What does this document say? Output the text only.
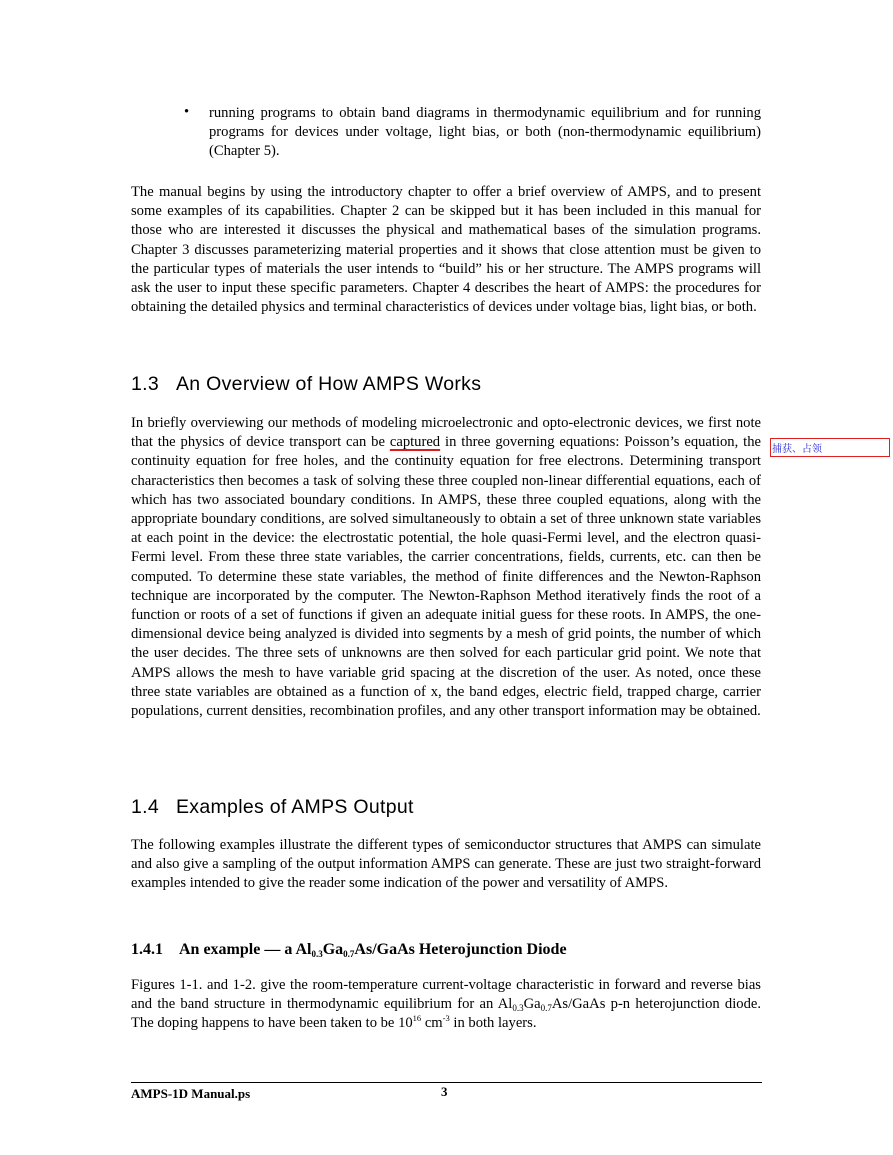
• running programs to obtain band diagrams in thermodynamic equilibrium and for running programs for devices under voltage, light bias, or both (non-thermodynamic equilibrium) (Chapter 5).
The manual begins by using the introductory chapter to offer a brief overview of AMPS, and to present some examples of its capabilities. Chapter 2 can be skipped but it has been included in this manual for those who are interested it discusses the physical and mathematical bases of the simulation programs. Chapter 3 discusses parameterizing material properties and it shows that close attention must be given to the particular types of materials the user intends to “build” his or her structure. The AMPS programs will ask the user to input these specific parameters. Chapter 4 describes the heart of AMPS: the procedures for obtaining the detailed physics and terminal characteristics of devices under voltage bias, light bias, or both.
1.3 An Overview of How AMPS Works
In briefly overviewing our methods of modeling microelectronic and opto-electronic devices, we first note that the physics of device transport can be captured in three governing equations: Poisson’s equation, the continuity equation for free holes, and the continuity equation for free electrons. Determining transport characteristics then becomes a task of solving these three coupled non-linear differential equations, each of which has two associated boundary conditions. In AMPS, these three coupled equations, along with the appropriate boundary conditions, are solved simultaneously to obtain a set of three unknown state variables at each point in the device: the electrostatic potential, the hole quasi-Fermi level, and the electron quasi-Fermi level. From these three state variables, the carrier concentrations, fields, currents, etc. can then be computed. To determine these state variables, the method of finite differences and the Newton-Raphson technique are incorporated by the computer. The Newton-Raphson Method iteratively finds the root of a function or roots of a set of functions if given an adequate initial guess for these roots. In AMPS, the one-dimensional device being analyzed is divided into segments by a mesh of grid points, the number of which the user decides. The three sets of unknowns are then solved for each particular grid point. We note that AMPS allows the mesh to have variable grid spacing at the discretion of the user. As noted, once these three state variables are obtained as a function of x, the band edges, electric field, trapped charge, carrier populations, current densities, recombination profiles, and any other transport information may be obtained.
捕获、占领
1.4 Examples of AMPS Output
The following examples illustrate the different types of semiconductor structures that AMPS can simulate and also give a sampling of the output information AMPS can generate. These are just two straight-forward examples intended to give the reader some indication of the power and versatility of AMPS.
1.4.1 An example — a $Al_{0.3}Ga_{0.7}As$/GaAs Heterojunction Diode
Figures 1-1. and 1-2. give the room-temperature current-voltage characteristic in forward and reverse bias and the band structure in thermodynamic equilibrium for an $Al_{0.3}Ga_{0.7}As$/GaAs p-n heterojunction diode. The doping happens to have been taken to be $10^{16}$ $cm^{-3}$ in both layers.
AMPS-1D Manual.ps	3
